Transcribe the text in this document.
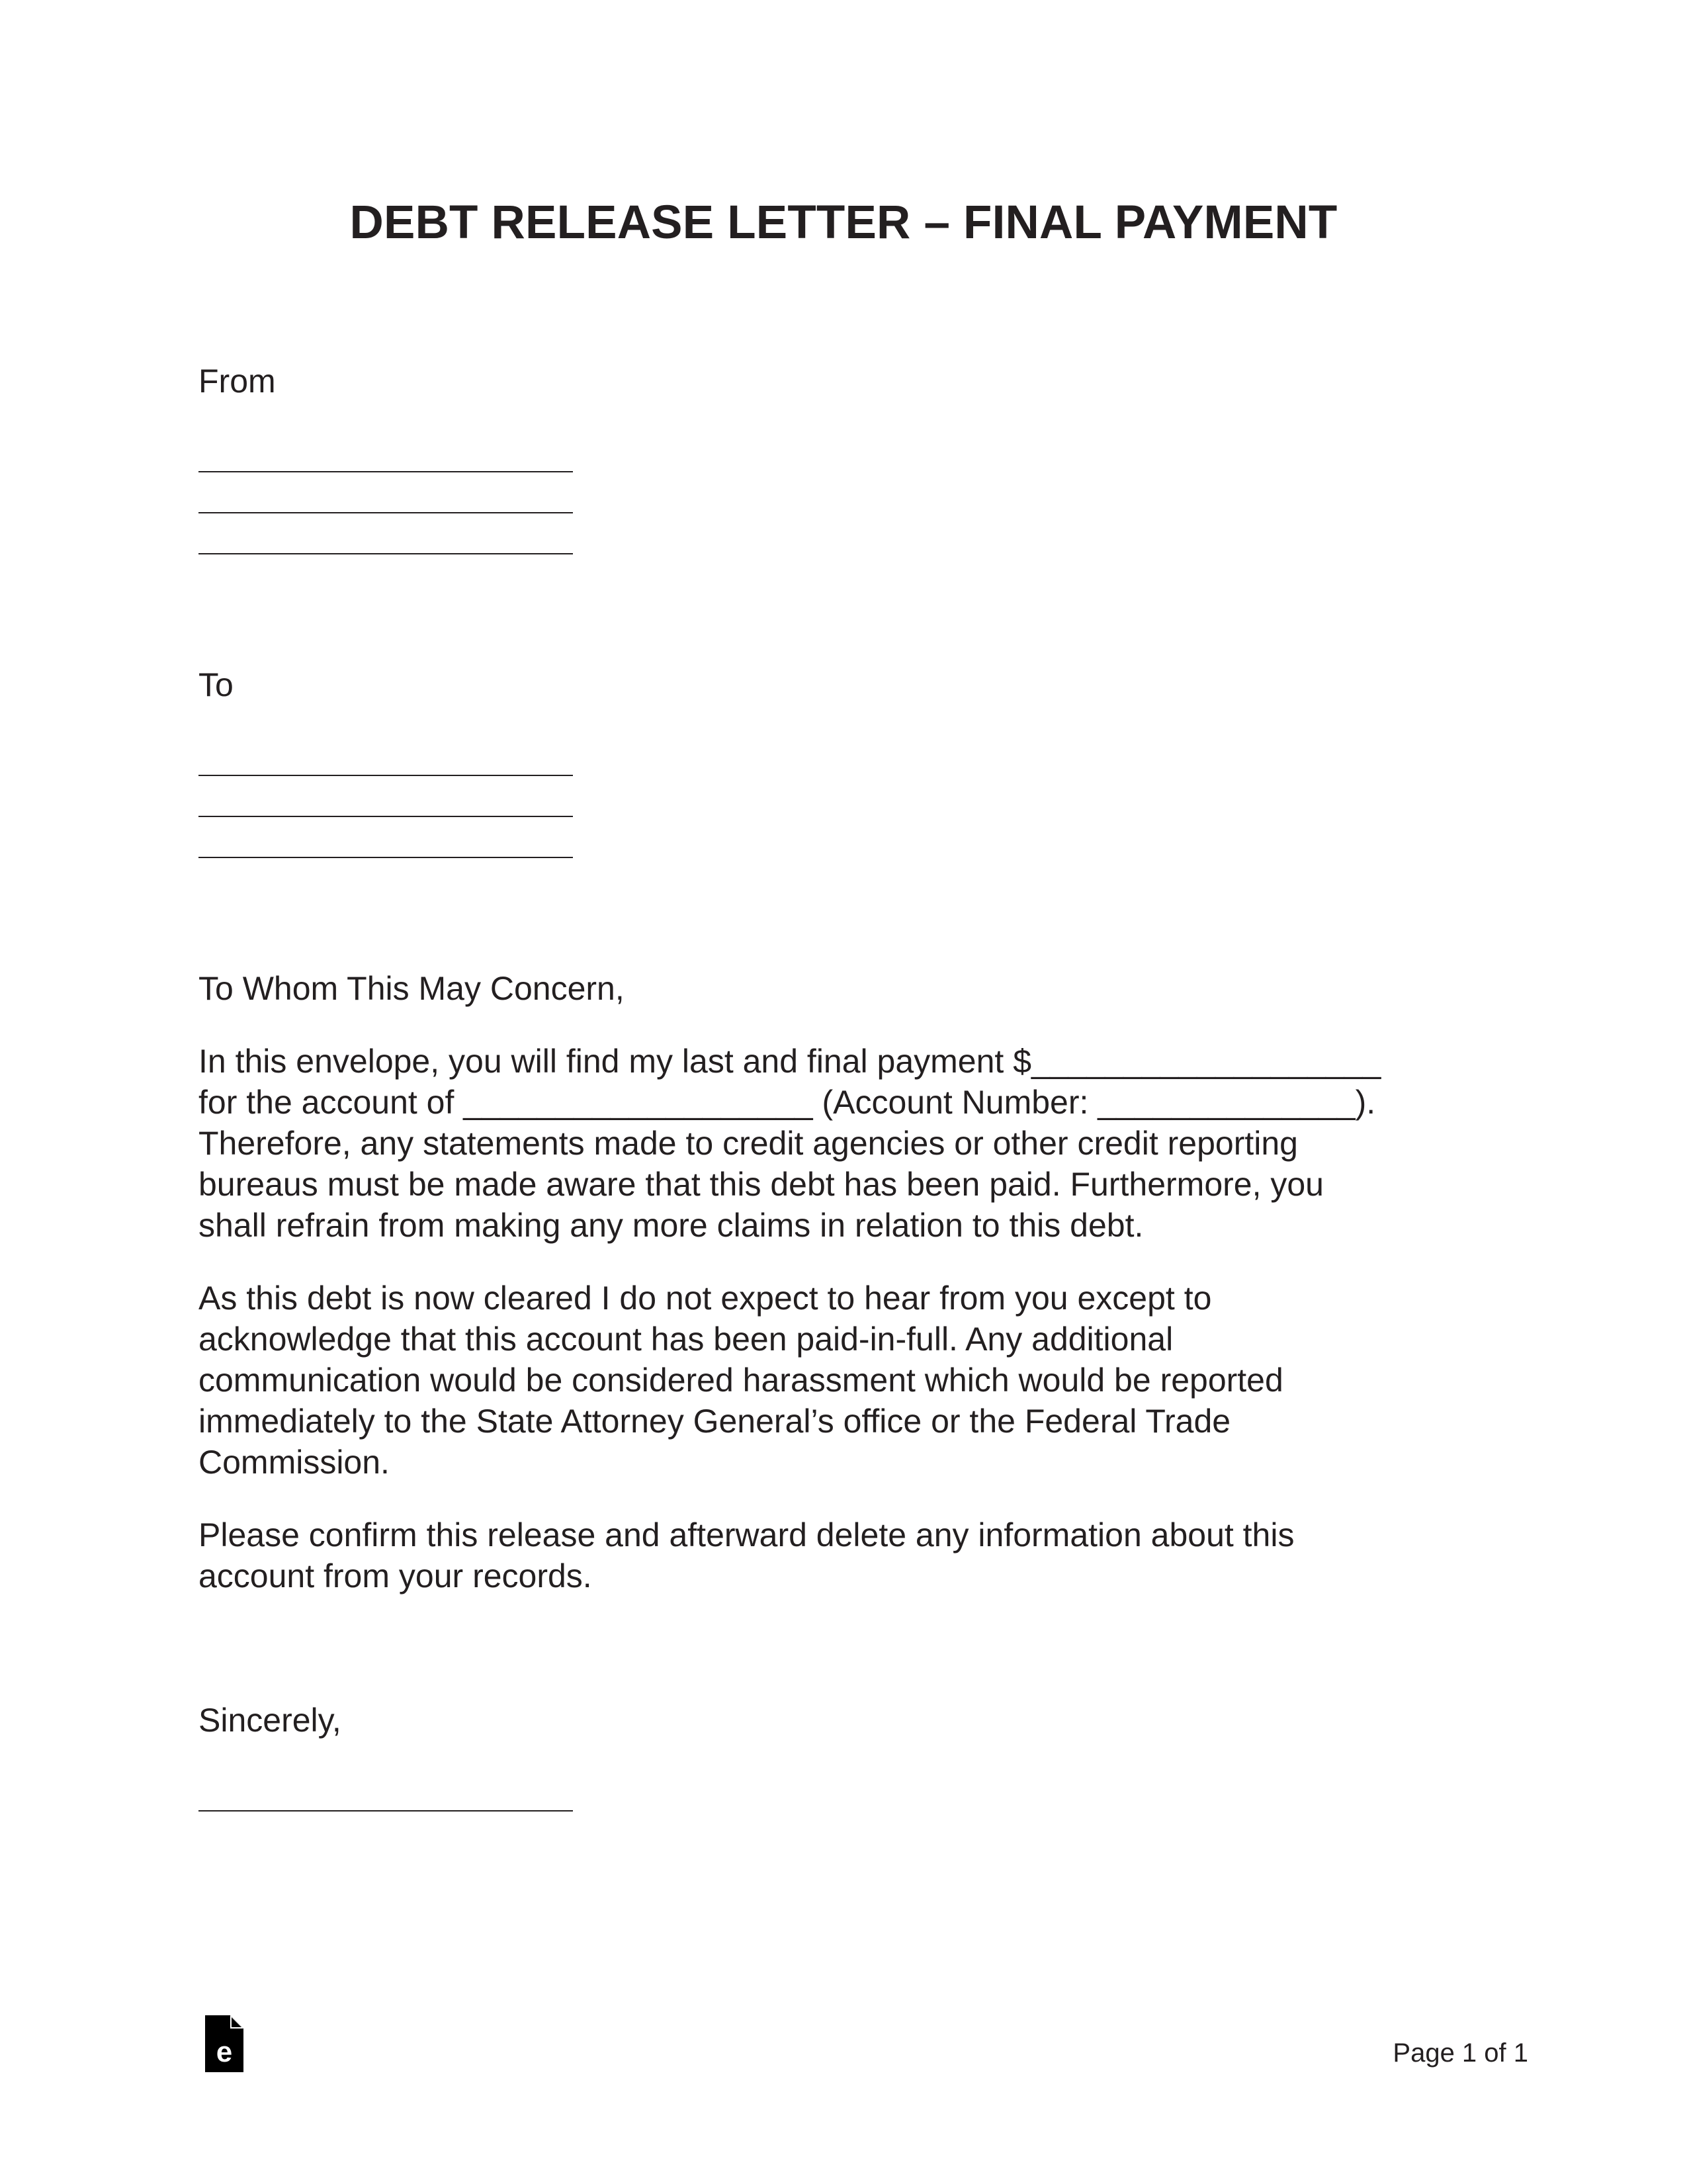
DEBT RELEASE LETTER – FINAL PAYMENT
From
To
To Whom This May Concern,
In this envelope, you will find my last and final payment $___________________
for the account of ___________________ (Account Number: ______________).
Therefore, any statements made to credit agencies or other credit reporting
bureaus must be made aware that this debt has been paid. Furthermore, you
shall refrain from making any more claims in relation to this debt.
As this debt is now cleared I do not expect to hear from you except to
acknowledge that this account has been paid-in-full. Any additional
communication would be considered harassment which would be reported
immediately to the State Attorney General’s office or the Federal Trade
Commission.
Please confirm this release and afterward delete any information about this
account from your records.
Sincerely,
e	Page 1 of 1
